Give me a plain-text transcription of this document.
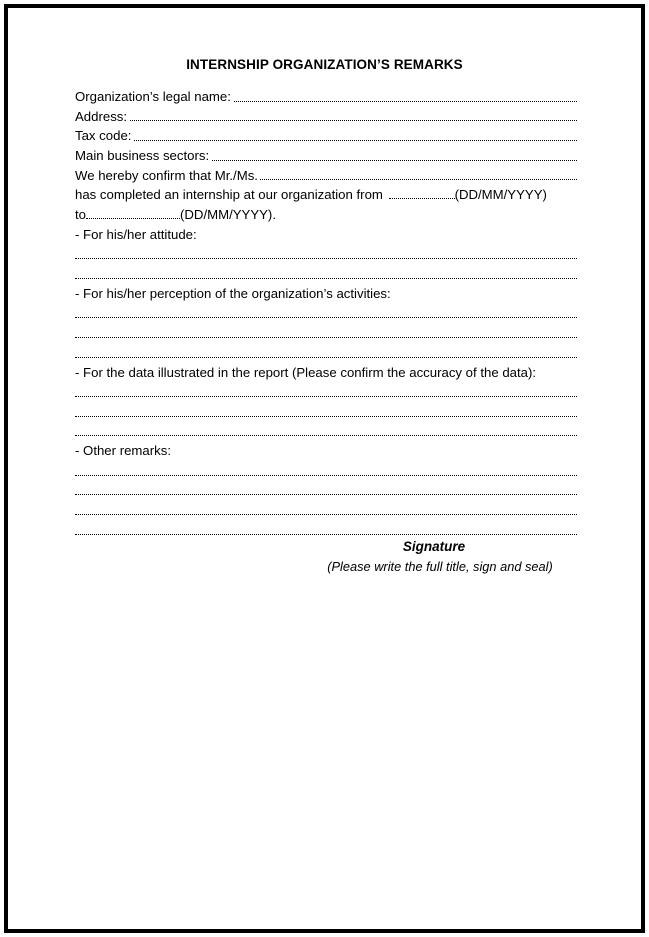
INTERNSHIP ORGANIZATION’S REMARKS
Organization’s legal name:
Address:
Tax code:
Main business sectors:
We hereby confirm that Mr./Ms.
has completed an internship at our organization from	(DD/MM/YYYY)
to	(DD/MM/YYYY).
- For his/her attitude:
- For his/her perception of the organization’s activities:
- For the data illustrated in the report (Please confirm the accuracy of the data):
- Other remarks:
Signature
(Please write the full title, sign and seal)
